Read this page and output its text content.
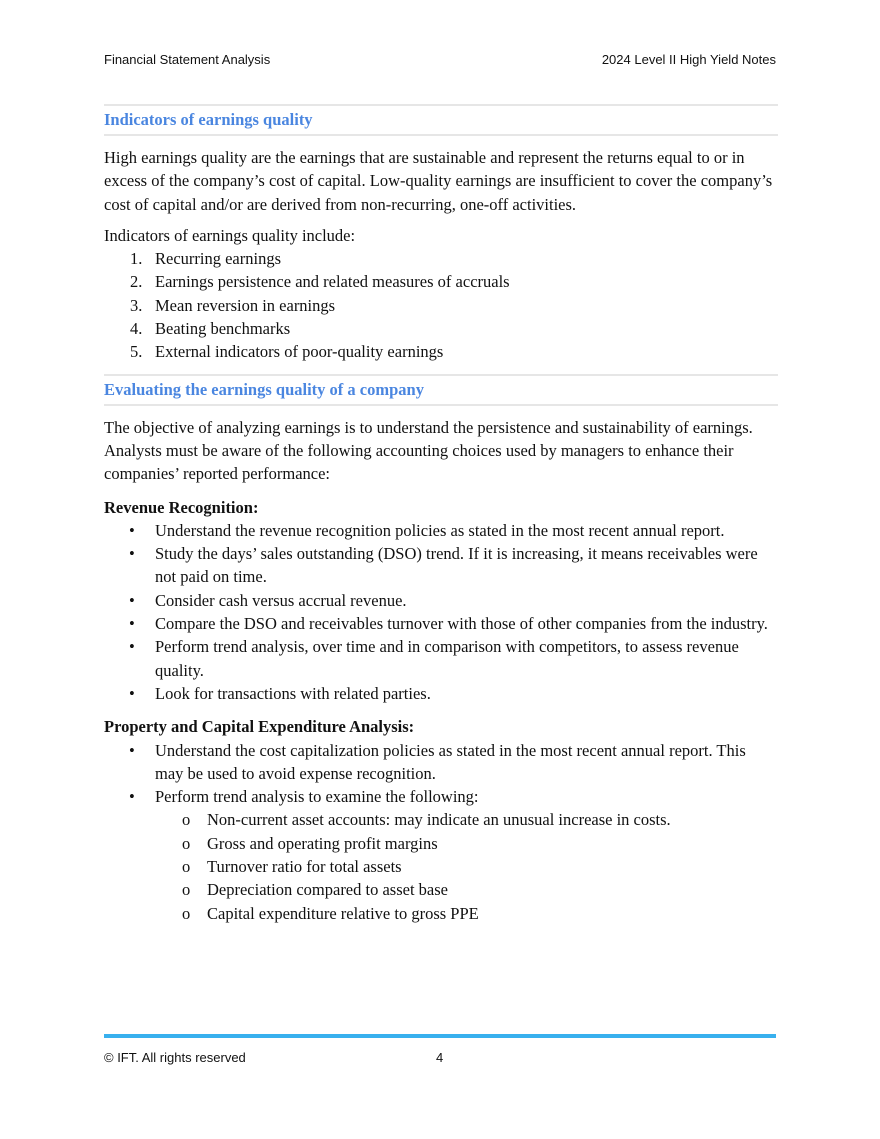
Financial Statement Analysis	2024 Level II High Yield Notes
Indicators of earnings quality

High earnings quality are the earnings that are sustainable and represent the returns equal to or in excess of the company’s cost of capital. Low-quality earnings are insufficient to cover the company’s cost of capital and/or are derived from non-recurring, one-off activities.

Indicators of earnings quality include:

1. Recurring earnings
2. Earnings persistence and related measures of accruals
3. Mean reversion in earnings
4. Beating benchmarks
5. External indicators of poor-quality earnings
Evaluating the earnings quality of a company

The objective of analyzing earnings is to understand the persistence and sustainability of earnings. Analysts must be aware of the following accounting choices used by managers to enhance their companies’ reported performance:

Revenue Recognition:

• Understand the revenue recognition policies as stated in the most recent annual report.
• Study the days’ sales outstanding (DSO) trend. If it is increasing, it means receivables were not paid on time.
• Consider cash versus accrual revenue.
• Compare the DSO and receivables turnover with those of other companies from the industry.
• Perform trend analysis, over time and in comparison with competitors, to assess revenue quality.
• Look for transactions with related parties.

Property and Capital Expenditure Analysis:

• Understand the cost capitalization policies as stated in the most recent annual report. This may be used to avoid expense recognition.
• Perform trend analysis to examine the following:
o Non-current asset accounts: may indicate an unusual increase in costs.
o Gross and operating profit margins
o Turnover ratio for total assets
o Depreciation compared to asset base
o Capital expenditure relative to gross PPE
© IFT. All rights reserved	4
